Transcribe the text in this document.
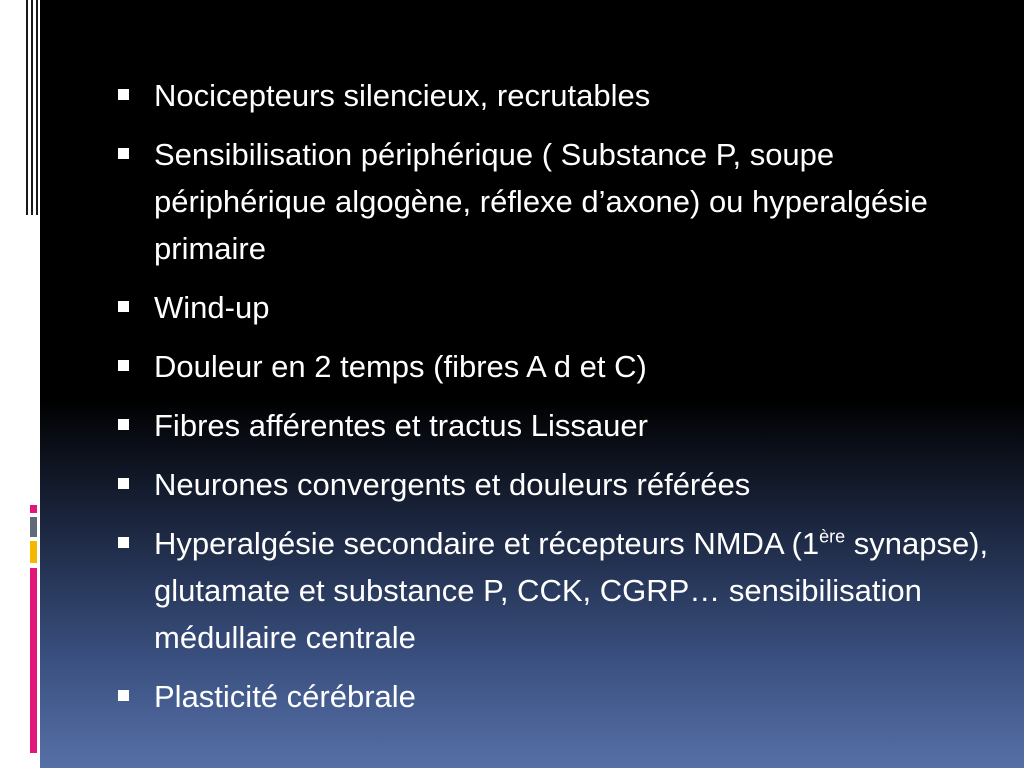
Nocicepteurs silencieux, recrutables
Sensibilisation périphérique ( Substance P, soupe périphérique algogène, réflexe d’axone) ou hyperalgésie primaire
Wind-up
Douleur en 2 temps (fibres A d et C)
Fibres afférentes et tractus Lissauer
Neurones convergents et douleurs référées
Hyperalgésie secondaire et récepteurs NMDA (1ère synapse), glutamate et substance P, CCK, CGRP… sensibilisation médullaire centrale
Plasticité cérébrale
